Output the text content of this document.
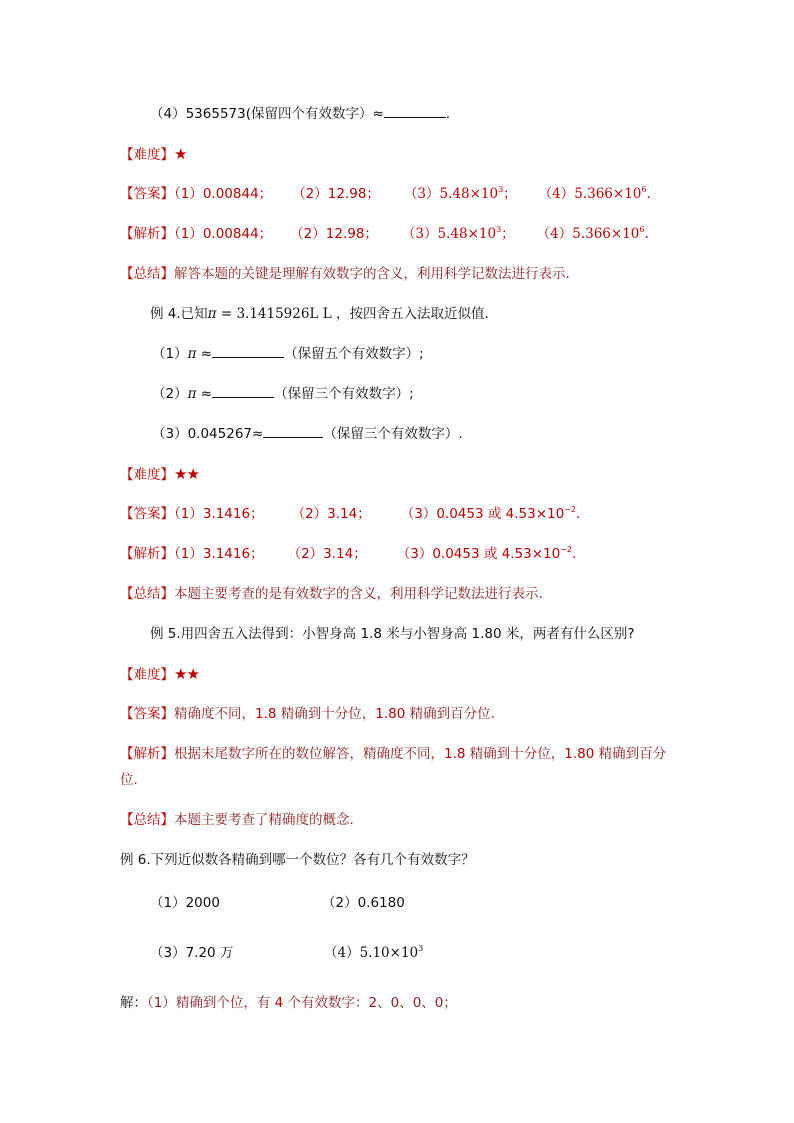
（4）5365573(保留四个有效数字）≈	.
【难度】★
【答案】（1）0.00844； （2）12.98； $(3)5.48\times 10^3$； $(4)5.366\times 10^6$.
【解析】（1）0.00844； （2）12.98； $(3)5.48\times 10^3$； $(4)5.366\times 10^6$.
【总结】解答本题的关键是理解有效数字的含义，利用科学记数法进行表示.
例 4.已知π = 3.1415926L L ，按四舍五入法取近似值.
（1）π ≈	（保留五个有效数字）;
（2）π ≈	（保留三个有效数字）;
（3）0.045267≈	（保留三个有效数字）.
【难度】★★
【答案】（1）3.1416； （2）3.14； （3）0.0453 或 $4.53\times 10^{-2}$.
【解析】（1）3.1416； （2）3.14； （3）0.0453 或 $4.53\times 10^{-2}$.
【总结】本题主要考查的是有效数字的含义，利用科学记数法进行表示.
例 5.用四舍五入法得到：小智身高 1.8 米与小智身高 1.80 米，两者有什么区别?
【难度】★★
【答案】精确度不同，1.8 精确到十分位，1.80 精确到百分位.
【解析】根据末尾数字所在的数位解答，精确度不同，1.8 精确到十分位，1.80 精确到百分
位.
【总结】本题主要考查了精确度的概念.
例 6.下列近似数各精确到哪一个数位？各有几个有效数字？
（1）2000	（2）0.6180
（3）7.20 万	$(4)5.10\times 10^3$
解：（1）精确到个位，有 4 个有效数字：2、0、0、0；
